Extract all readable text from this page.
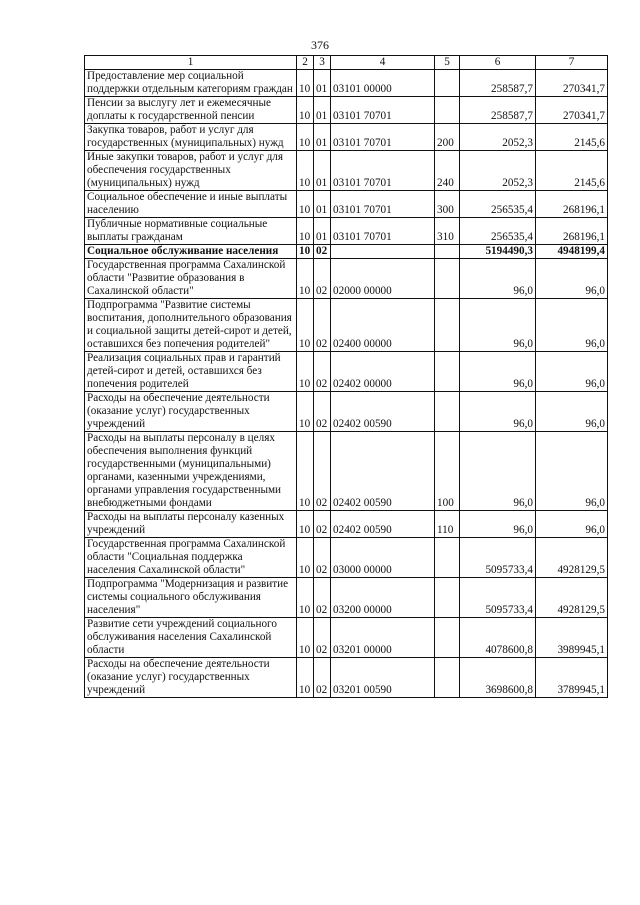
376
1	2	3	4	5	6	7
Предоставление мер социальной поддержки отдельным категориям граждан	10	01	03101 00000		258587,7	270341,7
Пенсии за выслугу лет и ежемесячные доплаты к государственной пенсии	10	01	03101 70701		258587,7	270341,7
Закупка товаров, работ и услуг для государственных (муниципальных) нужд	10	01	03101 70701	200	2052,3	2145,6
Иные закупки товаров, работ и услуг для обеспечения государственных (муниципальных) нужд	10	01	03101 70701	240	2052,3	2145,6
Социальное обеспечение и иные выплаты населению	10	01	03101 70701	300	256535,4	268196,1
Публичные нормативные социальные выплаты гражданам	10	01	03101 70701	310	256535,4	268196,1
Социальное обслуживание населения	10	02			5194490,3	4948199,4
Государственная программа Сахалинской области "Развитие образования в Сахалинской области"	10	02	02000 00000		96,0	96,0
Подпрограмма "Развитие системы воспитания, дополнительного образования и социальной защиты детей-сирот и детей, оставшихся без попечения родителей"	10	02	02400 00000		96,0	96,0
Реализация социальных прав и гарантий детей-сирот и детей, оставшихся без попечения родителей	10	02	02402 00000		96,0	96,0
Расходы на обеспечение деятельности (оказание услуг) государственных учреждений	10	02	02402 00590		96,0	96,0
Расходы на выплаты персоналу в целях обеспечения выполнения функций государственными (муниципальными) органами, казенными учреждениями, органами управления государственными внебюджетными фондами	10	02	02402 00590	100	96,0	96,0
Расходы на выплаты персоналу казенных учреждений	10	02	02402 00590	110	96,0	96,0
Государственная программа Сахалинской области "Социальная поддержка населения Сахалинской области"	10	02	03000 00000		5095733,4	4928129,5
Подпрограмма "Модернизация и развитие системы социального обслуживания населения"	10	02	03200 00000		5095733,4	4928129,5
Развитие сети учреждений социального обслуживания населения Сахалинской области	10	02	03201 00000		4078600,8	3989945,1
Расходы на обеспечение деятельности (оказание услуг) государственных учреждений	10	02	03201 00590		3698600,8	3789945,1
